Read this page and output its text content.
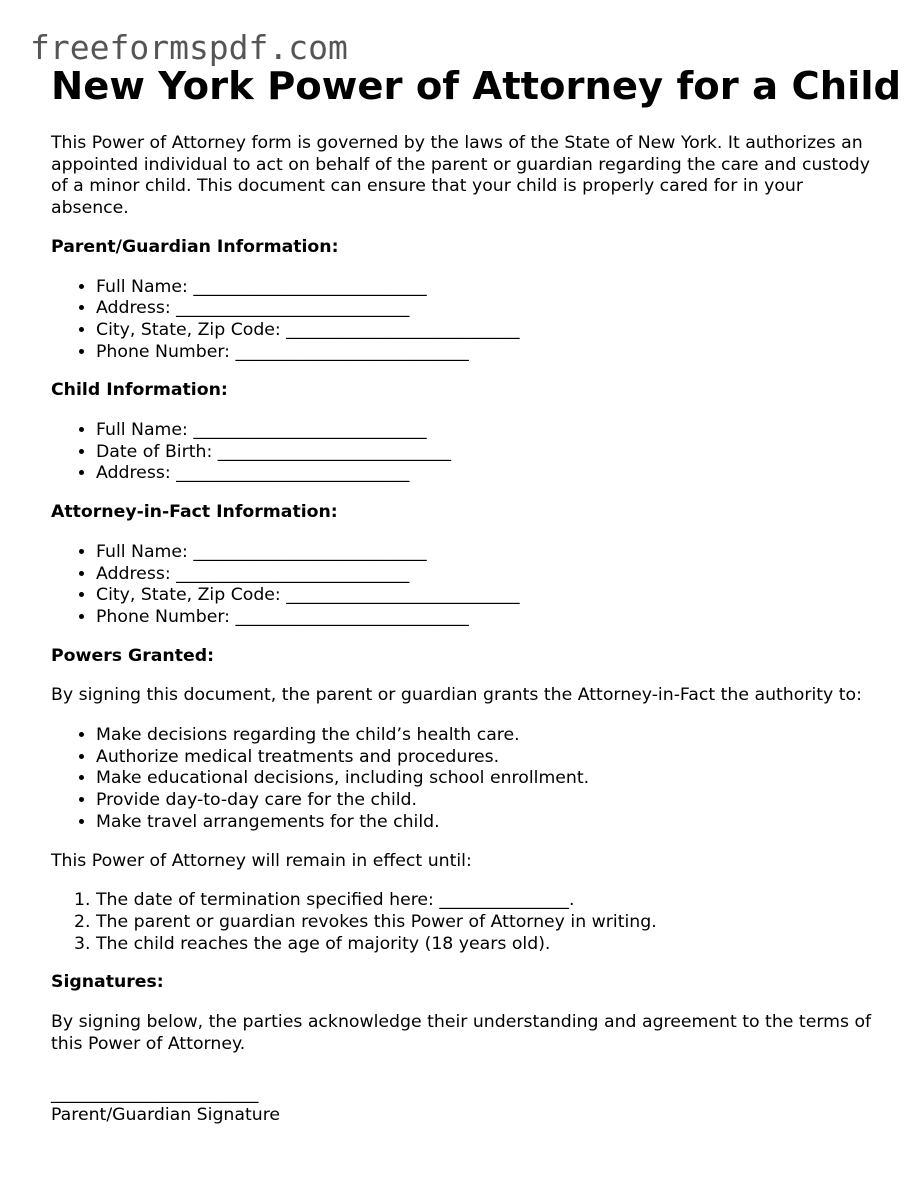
freeformspdf.com
New York Power of Attorney for a Child

This Power of Attorney form is governed by the laws of the State of New York. It authorizes an appointed individual to act on behalf of the parent or guardian regarding the care and custody of a minor child. This document can ensure that your child is properly cared for in your absence.

Parent/Guardian Information:

• Full Name: ___________________________
• Address: ___________________________
• City, State, Zip Code: ___________________________
• Phone Number: ___________________________

Child Information:

• Full Name: ___________________________
• Date of Birth: ___________________________
• Address: ___________________________

Attorney-in-Fact Information:

• Full Name: ___________________________
• Address: ___________________________
• City, State, Zip Code: ___________________________
• Phone Number: ___________________________

Powers Granted:

By signing this document, the parent or guardian grants the Attorney-in-Fact the authority to:

• Make decisions regarding the child’s health care.
• Authorize medical treatments and procedures.
• Make educational decisions, including school enrollment.
• Provide day-to-day care for the child.
• Make travel arrangements for the child.

This Power of Attorney will remain in effect until:

1. The date of termination specified here: _______________.
2. The parent or guardian revokes this Power of Attorney in writing.
3. The child reaches the age of majority (18 years old).

Signatures:

By signing below, the parties acknowledge their understanding and agreement to the terms of this Power of Attorney.

________________________
Parent/Guardian Signature
